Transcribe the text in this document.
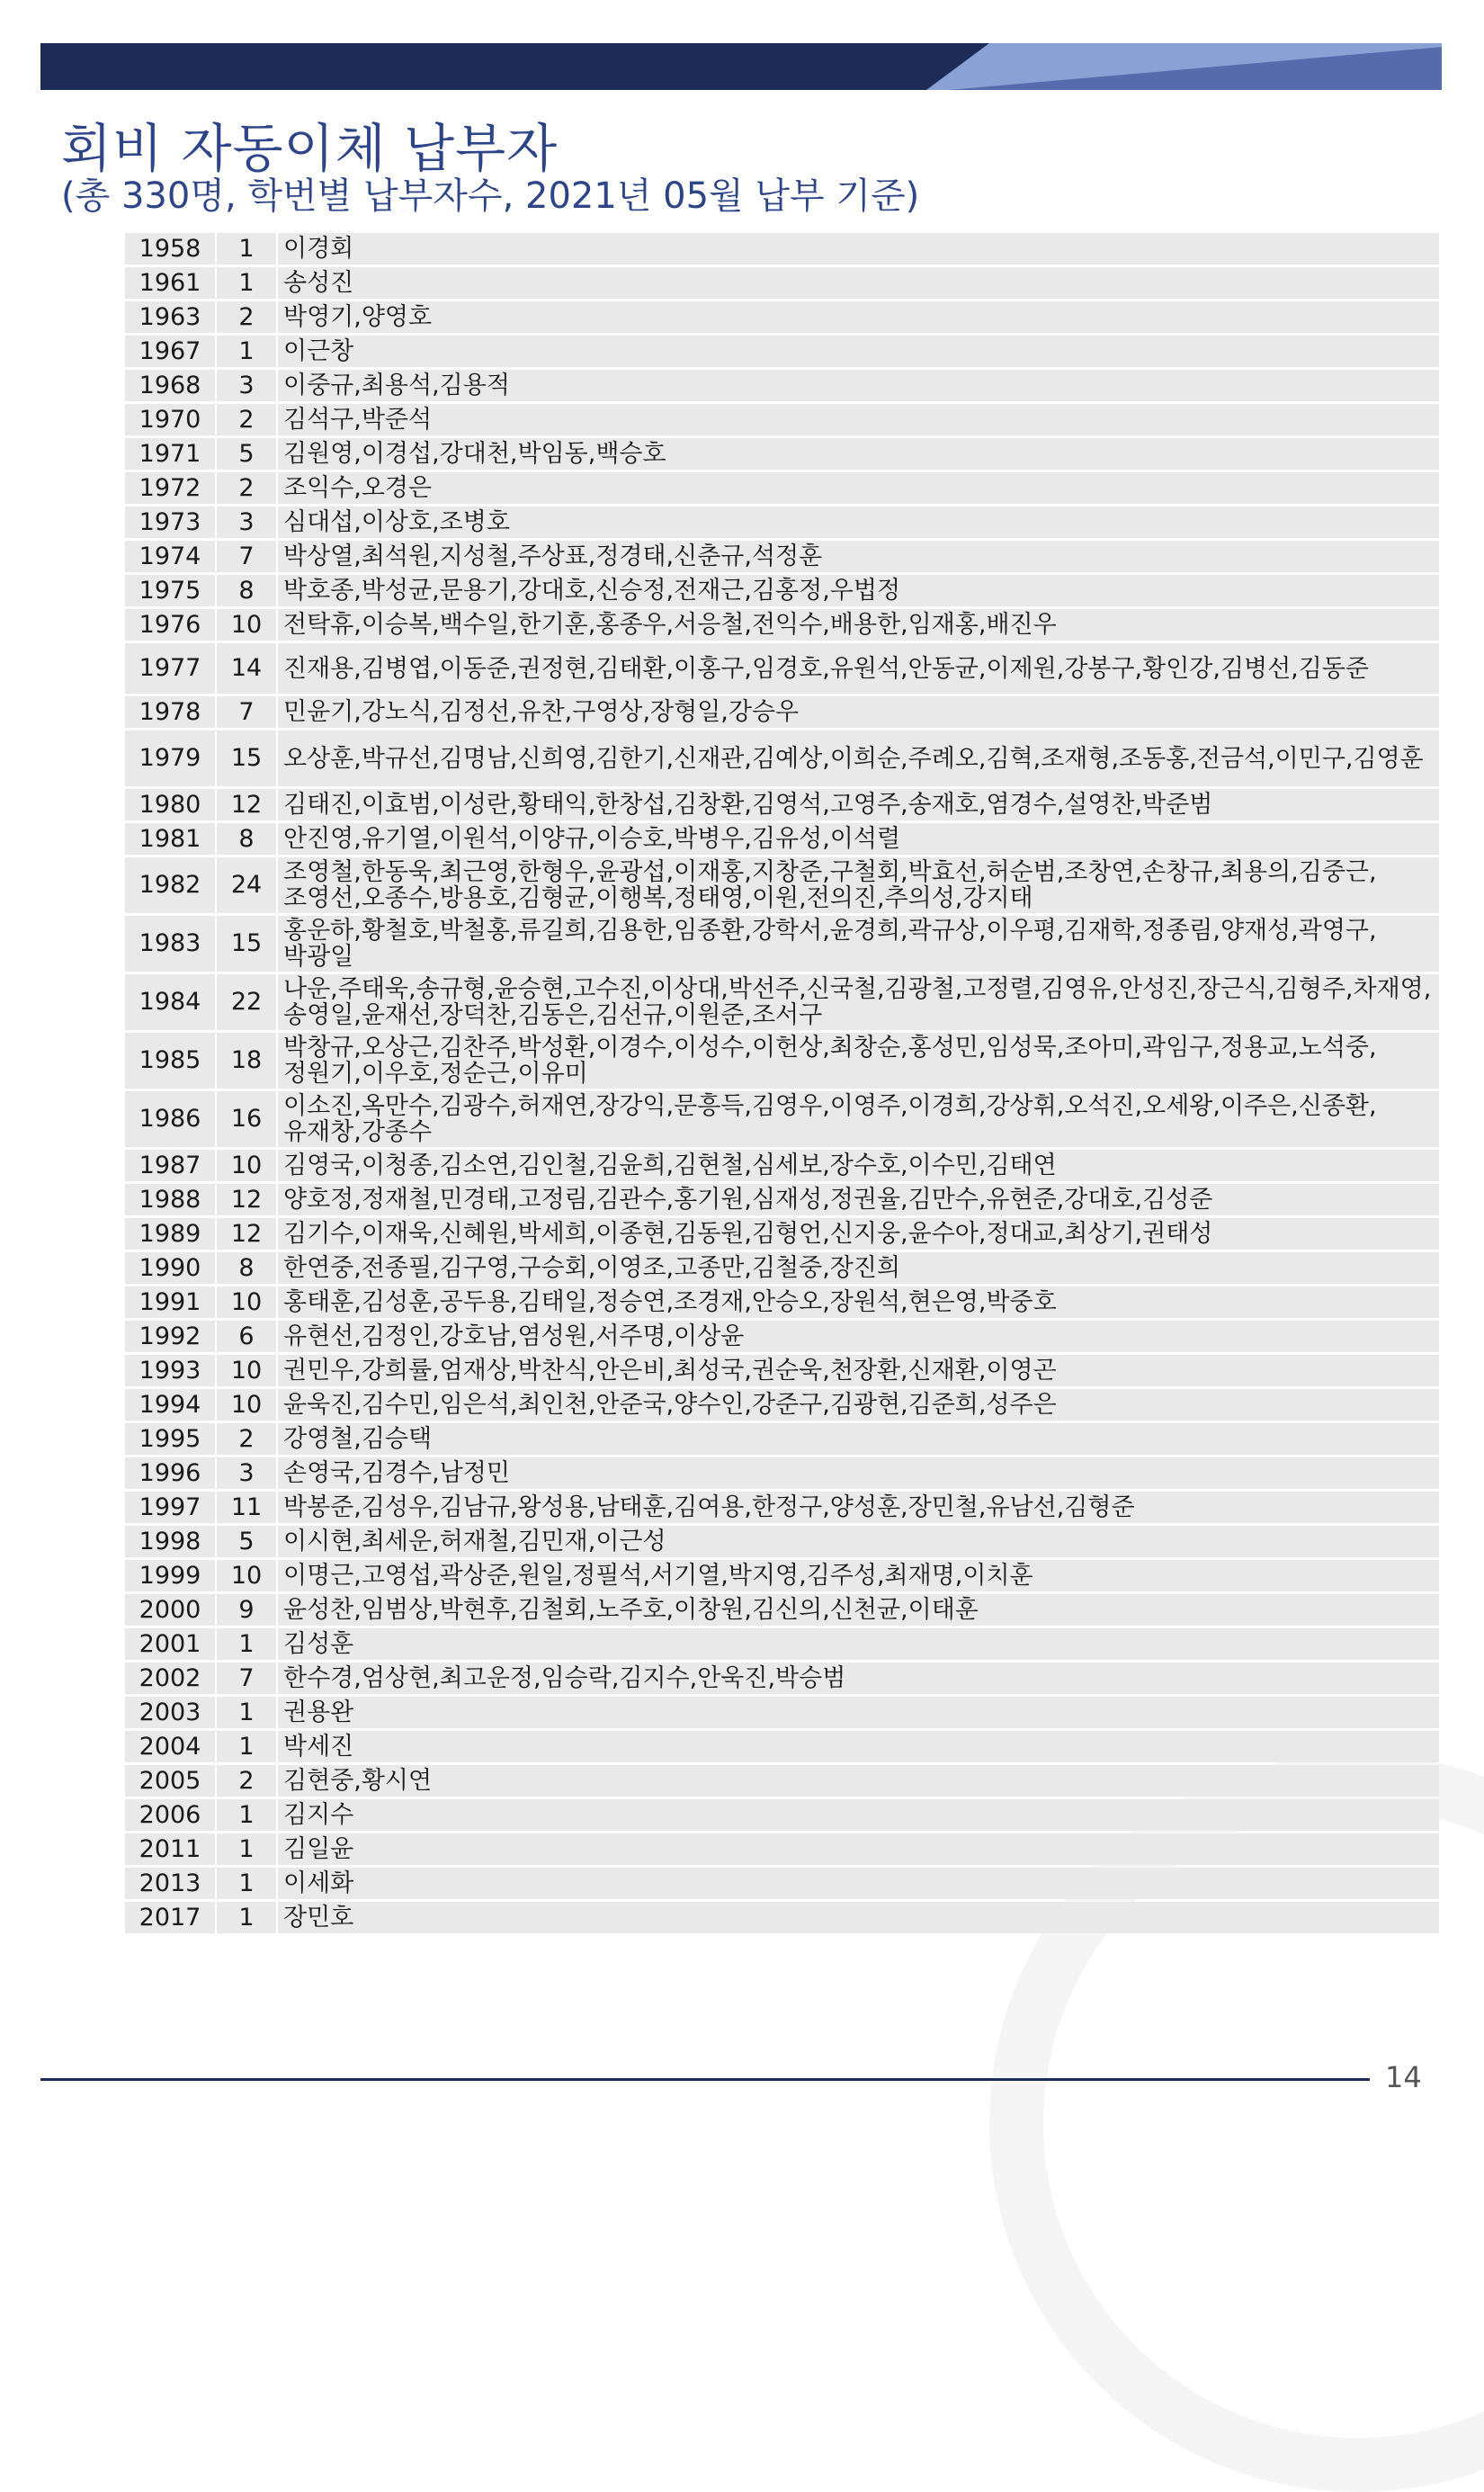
회비 자동이체 납부자
(총 330명, 학번별 납부자수, 2021년 05월 납부 기준)
1958	1	이경회
1961	1	송성진
1963	2	박영기,양영호
1967	1	이근창
1968	3	이중규,최용석,김용적
1970	2	김석구,박준석
1971	5	김원영,이경섭,강대천,박임동,백승호
1972	2	조익수,오경은
1973	3	심대섭,이상호,조병호
1974	7	박상열,최석원,지성철,주상표,정경태,신춘규,석정훈
1975	8	박호종,박성균,문용기,강대호,신승정,전재근,김홍정,우법정
1976	10	전탁휴,이승복,백수일,한기훈,홍종우,서응철,전익수,배용한,임재홍,배진우
1977	14	진재용,김병엽,이동준,권정현,김태환,이홍구,임경호,유원석,안동균,이제원,강봉구,황인강,김병선,김동준
1978	7	민윤기,강노식,김정선,유찬,구영상,장형일,강승우
1979	15	오상훈,박규선,김명남,신희영,김한기,신재관,김예상,이희순,주례오,김혁,조재형,조동홍,전금석,이민구,김영훈
1980	12	김태진,이효범,이성란,황태익,한창섭,김창환,김영석,고영주,송재호,염경수,설영찬,박준범
1981	8	안진영,유기열,이원석,이양규,이승호,박병우,김유성,이석렬
1982	24	조영철,한동욱,최근영,한형우,윤광섭,이재홍,지창준,구철회,박효선,허순범,조창연,손창규,최용의,김중근,조영선,오종수,방용호,김형균,이행복,정태영,이원,전의진,추의성,강지태
1983	15	홍운하,황철호,박철홍,류길희,김용한,임종환,강학서,윤경희,곽규상,이우평,김재학,정종림,양재성,곽영구,박광일
1984	22	나운,주태욱,송규형,윤승현,고수진,이상대,박선주,신국철,김광철,고정렬,김영유,안성진,장근식,김형주,차재영,송영일,윤재선,장덕찬,김동은,김선규,이원준,조서구
1985	18	박창규,오상근,김찬주,박성환,이경수,이성수,이헌상,최창순,홍성민,임성묵,조아미,곽임구,정용교,노석중,정원기,이우호,정순근,이유미
1986	16	이소진,옥만수,김광수,허재연,장강익,문흥득,김영우,이영주,이경희,강상휘,오석진,오세왕,이주은,신종환,유재창,강종수
1987	10	김영국,이청종,김소연,김인철,김윤희,김현철,심세보,장수호,이수민,김태연
1988	12	양호정,정재철,민경태,고정림,김관수,홍기원,심재성,정권율,김만수,유현준,강대호,김성준
1989	12	김기수,이재욱,신혜원,박세희,이종현,김동원,김형언,신지웅,윤수아,정대교,최상기,권태성
1990	8	한연중,전종필,김구영,구승회,이영조,고종만,김철중,장진희
1991	10	홍태훈,김성훈,공두용,김태일,정승연,조경재,안승오,장원석,현은영,박중호
1992	6	유현선,김정인,강호남,염성원,서주명,이상윤
1993	10	권민우,강희률,엄재상,박찬식,안은비,최성국,권순욱,천장환,신재환,이영곤
1994	10	윤욱진,김수민,임은석,최인천,안준국,양수인,강준구,김광현,김준희,성주은
1995	2	강영철,김승택
1996	3	손영국,김경수,남정민
1997	11	박봉준,김성우,김남규,왕성용,남태훈,김여용,한정구,양성훈,장민철,유남선,김형준
1998	5	이시현,최세운,허재철,김민재,이근성
1999	10	이명근,고영섭,곽상준,원일,정필석,서기열,박지영,김주성,최재명,이치훈
2000	9	윤성찬,임범상,박현후,김철회,노주호,이창원,김신의,신천균,이태훈
2001	1	김성훈
2002	7	한수경,엄상현,최고운정,임승락,김지수,안욱진,박승범
2003	1	권용완
2004	1	박세진
2005	2	김현중,황시연
2006	1	김지수
2011	1	김일윤
2013	1	이세화
2017	1	장민호
14
